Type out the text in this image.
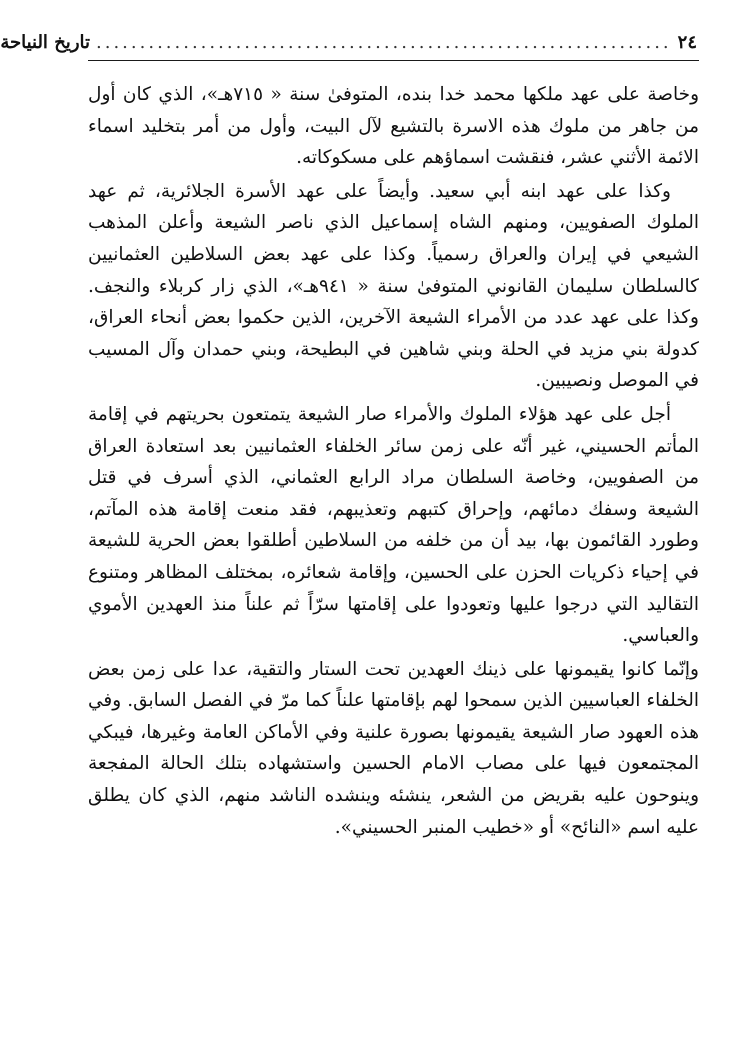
٢٤
..................................................................
تاريخ النياحة

وخاصة على عهد ملكها محمد خدا بنده، المتوفىٰ سنة « ٧١٥هـ»، الذي كان أول من جاهر من ملوك هذه الاسرة بالتشيع لآل البيت، وأول من أمر بتخليد اسماء الائمة الأثني عشر، فنقشت اسماؤهم على مسكوكاته.

وكذا على عهد ابنه أبي سعيد. وأيضاً على عهد الأسرة الجلائرية، ثم عهد الملوك الصفويين، ومنهم الشاه إسماعيل الذي ناصر الشيعة وأعلن المذهب الشيعي في إيران والعراق رسمياً. وكذا على عهد بعض السلاطين العثمانيين كالسلطان سليمان القانوني المتوفىٰ سنة « ٩٤١هـ»، الذي زار كربلاء والنجف. وكذا على عهد عدد من الأمراء الشيعة الآخرين، الذين حكموا بعض أنحاء العراق، كدولة بني مزيد في الحلة وبني شاهين في البطيحة، وبني حمدان وآل المسيب في الموصل ونصيبين.

أجل على عهد هؤلاء الملوك والأمراء صار الشيعة يتمتعون بحريتهم في إقامة المأتم الحسيني، غير أنّه على زمن سائر الخلفاء العثمانيين بعد استعادة العراق من الصفويين، وخاصة السلطان مراد الرابع العثماني، الذي أسرف في قتل الشيعة وسفك دمائهم، وإحراق كتبهم وتعذيبهم، فقد منعت إقامة هذه المآتم، وطورد القائمون بها، بيد أن من خلفه من السلاطين أطلقوا بعض الحرية للشيعة في إحياء ذكريات الحزن على الحسين، وإقامة شعائره، بمختلف المظاهر ومتنوع التقاليد التي درجوا عليها وتعودوا على إقامتها سرّاً ثم علناً منذ العهدين الأموي والعباسي.

وإنّما كانوا يقيمونها على ذينك العهدين تحت الستار والتقية، عدا على زمن بعض الخلفاء العباسيين الذين سمحوا لهم بإقامتها علناً كما مرّ في الفصل السابق. وفي هذه العهود صار الشيعة يقيمونها بصورة علنية وفي الأماكن العامة وغيرها، فيبكي المجتمعون فيها على مصاب الامام الحسين واستشهاده بتلك الحالة المفجعة وينوحون عليه بقريض من الشعر، ينشئه وينشده الناشد منهم، الذي كان يطلق عليه اسم «النائح» أو «خطيب المنبر الحسيني».
